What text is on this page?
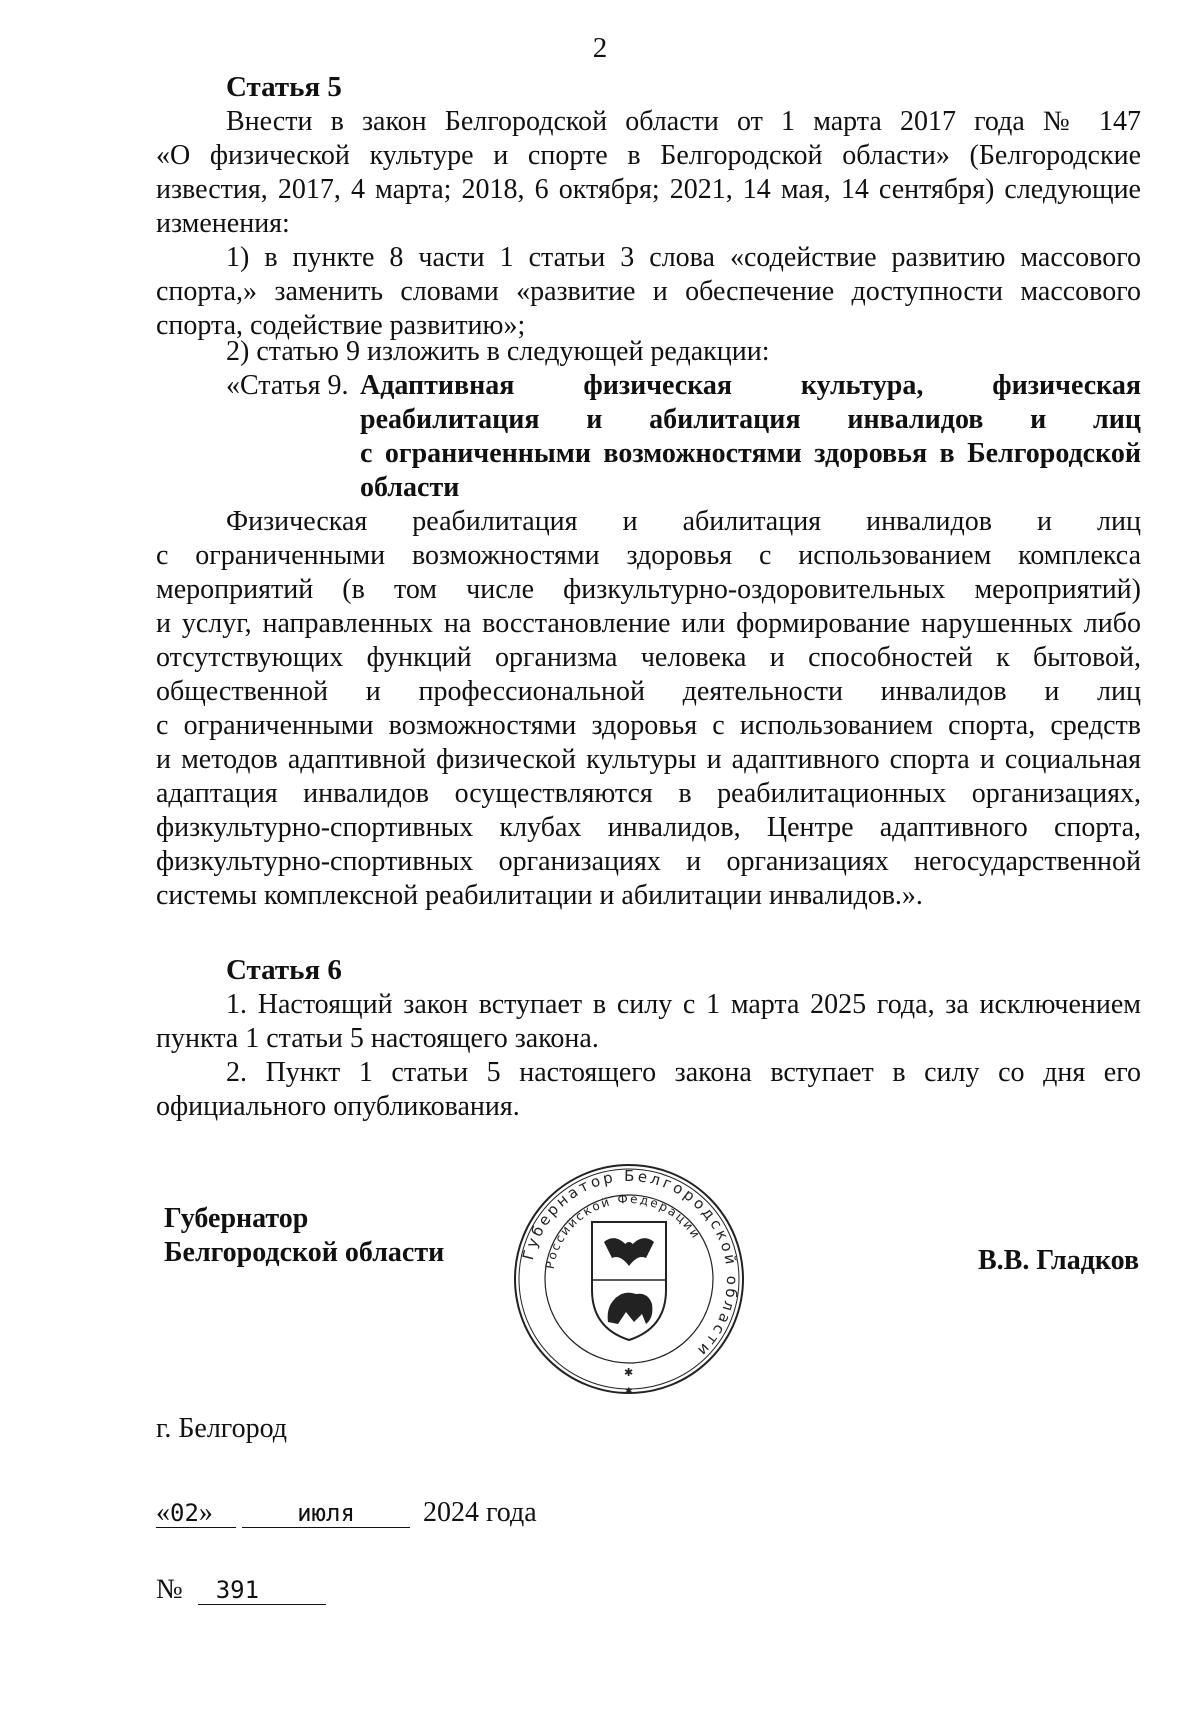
2
Статья 5
Внести в закон Белгородской области от 1 марта 2017 года № 147
«О физической культуре и спорте в Белгородской области» (Белгородские
известия, 2017, 4 марта; 2018, 6 октября; 2021, 14 мая, 14 сентября) следующие
изменения:
1) в пункте 8 части 1 статьи 3 слова «содействие развитию массового
спорта,» заменить словами «развитие и обеспечение доступности массового
спорта, содействие развитию»;
2) статью 9 изложить в следующей редакции:
«Статья 9. Адаптивная физическая культура, физическая
реабилитация и абилитация инвалидов и лиц
с ограниченными возможностями здоровья в Белгородской
области
Физическая реабилитация и абилитация инвалидов и лиц
с ограниченными возможностями здоровья с использованием комплекса
мероприятий (в том числе физкультурно-оздоровительных мероприятий)
и услуг, направленных на восстановление или формирование нарушенных либо
отсутствующих функций организма человека и способностей к бытовой,
общественной и профессиональной деятельности инвалидов и лиц
с ограниченными возможностями здоровья с использованием спорта, средств
и методов адаптивной физической культуры и адаптивного спорта и социальная
адаптация инвалидов осуществляются в реабилитационных организациях,
физкультурно-спортивных клубах инвалидов, Центре адаптивного спорта,
физкультурно-спортивных организациях и организациях негосударственной
системы комплексной реабилитации и абилитации инвалидов.».
Статья 6
1. Настоящий закон вступает в силу с 1 марта 2025 года, за исключением
пункта 1 статьи 5 настоящего закона.
2. Пункт 1 статьи 5 настоящего закона вступает в силу со дня его
официального опубликования.
Губернатор
Белгородской области	В.В. Гладков
Губернатор Белгородской области
Российской Федерации
✱
✱
г. Белгород
«02»	июля 2024 года
№ 391
